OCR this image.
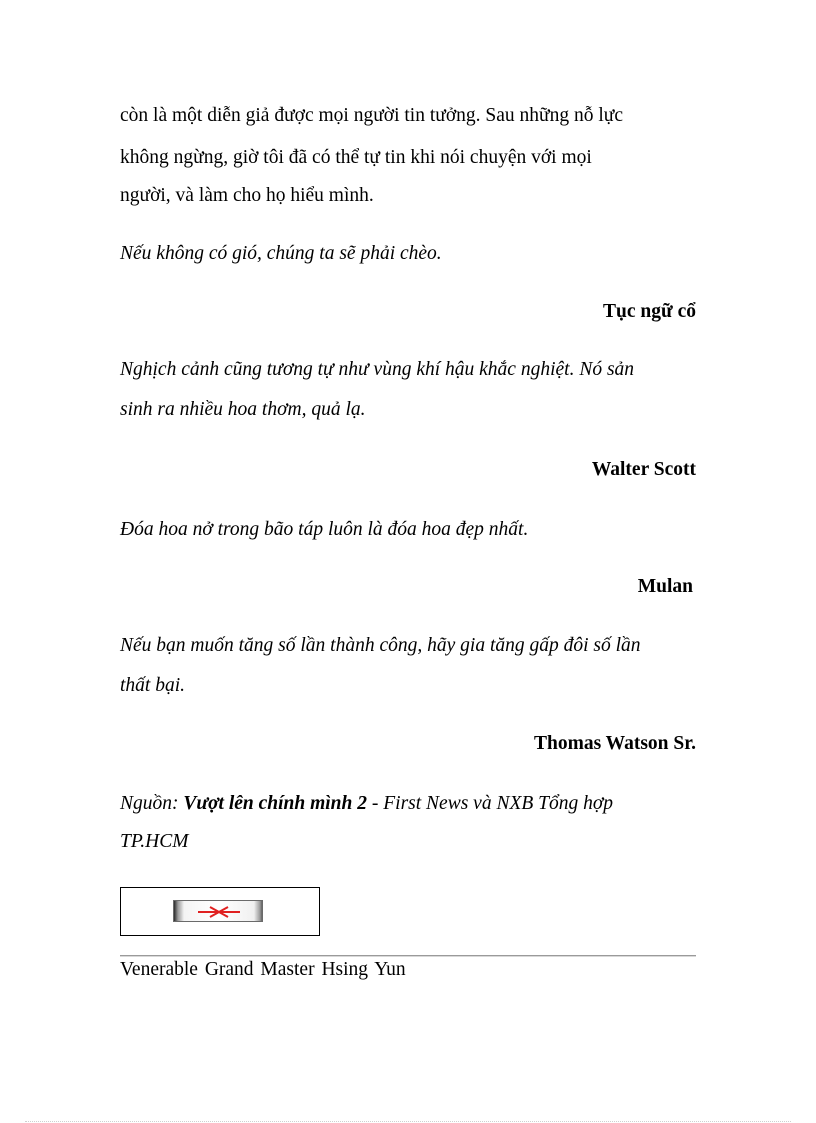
còn là một diễn giả được mọi người tin tưởng. Sau những nỗ lực

không ngừng, giờ tôi đã có thể tự tin khi nói chuyện với mọi

người, và làm cho họ hiểu mình.

Nếu không có gió, chúng ta sẽ phải chèo.

Tục ngữ cổ

Nghịch cảnh cũng tương tự như vùng khí hậu khắc nghiệt. Nó sản

sinh ra nhiều hoa thơm, quả lạ.

Walter Scott

Đóa hoa nở trong bão táp luôn là đóa hoa đẹp nhất.

Mulan

Nếu bạn muốn tăng số lần thành công, hãy gia tăng gấp đôi số lần

thất bại.

Thomas Watson Sr.

Nguồn: Vượt lên chính mình 2 - First News và NXB Tổng hợp

TP.HCM

Venerable Grand Master Hsing Yun
